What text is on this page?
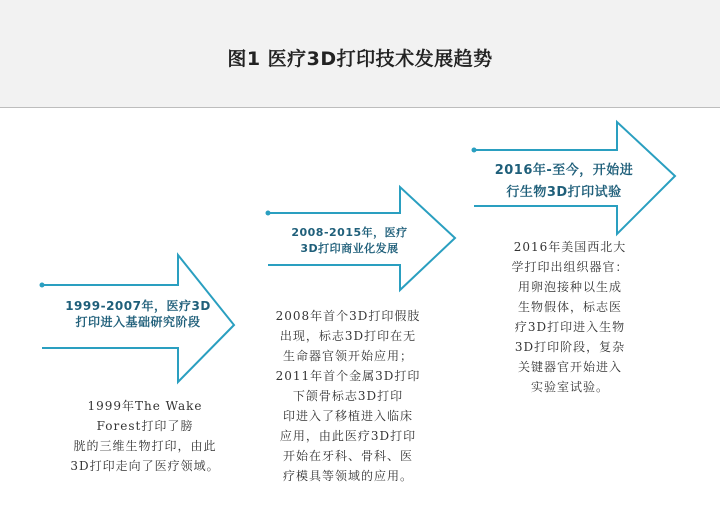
图1 医疗3D打印技术发展趋势
1999-2007年，医疗3D
打印进入基础研究阶段
1999年The Wake
Forest打印了膀
胱的三维生物打印，由此
3D打印走向了医疗领域。
2008-2015年，医疗
3D打印商业化发展
2008年首个3D打印假肢
出现，标志3D打印在无
生命器官领开始应用；
2011年首个金属3D打印
下颌骨标志3D打印
印进入了移植进入临床
应用，由此医疗3D打印
开始在牙科、骨科、医
疗模具等领域的应用。
2016年-至今，开始进
行生物3D打印试验
2016年美国西北大
学打印出组织器官：
用卵泡接种以生成
生物假体，标志医
疗3D打印进入生物
3D打印阶段，复杂
关键器官开始进入
实验室试验。
